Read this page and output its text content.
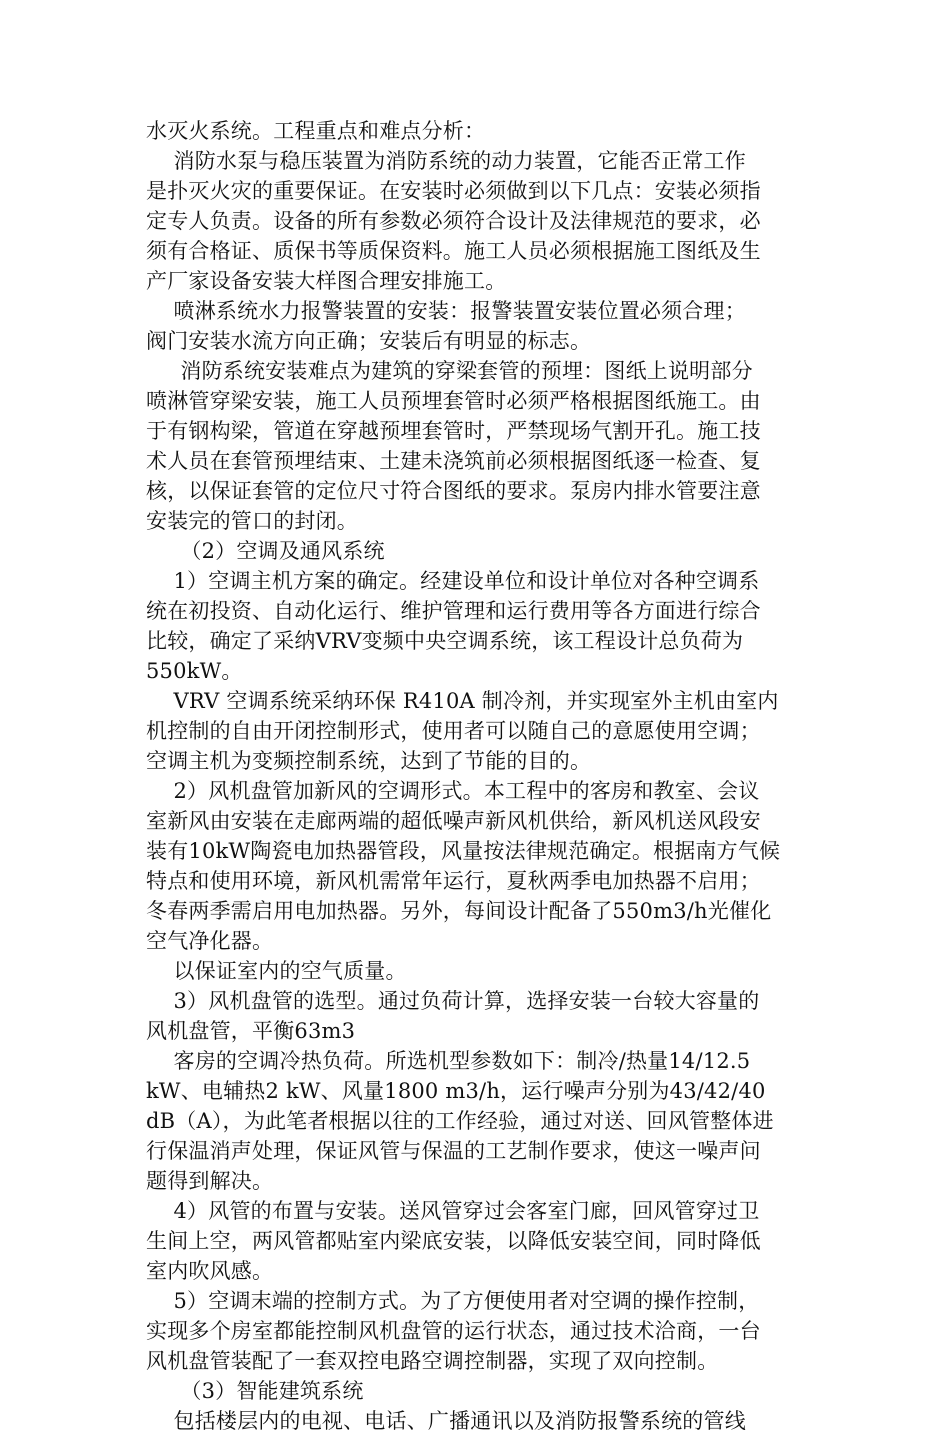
水灭火系统。工程重点和难点分析：
消防水泵与稳压装置为消防系统的动力装置，它能否正常工作
是扑灭火灾的重要保证。在安装时必须做到以下几点：安装必须指
定专人负责。设备的所有参数必须符合设计及法律规范的要求，必
须有合格证、质保书等质保资料。施工人员必须根据施工图纸及生
产厂家设备安装大样图合理安排施工。
喷淋系统水力报警装置的安装：报警装置安装位置必须合理；
阀门安装水流方向正确；安装后有明显的标志。
消防系统安装难点为建筑的穿梁套管的预埋：图纸上说明部分
喷淋管穿梁安装，施工人员预埋套管时必须严格根据图纸施工。由
于有钢构梁，管道在穿越预埋套管时，严禁现场气割开孔。施工技
术人员在套管预埋结束、土建未浇筑前必须根据图纸逐一检查、复
核，以保证套管的定位尺寸符合图纸的要求。泵房内排水管要注意
安装完的管口的封闭。
（2）空调及通风系统
1）空调主机方案的确定。经建设单位和设计单位对各种空调系
统在初投资、自动化运行、维护管理和运行费用等各方面进行综合
比较，确定了采纳VRV变频中央空调系统，该工程设计总负荷为
550kW。
VRV 空调系统采纳环保 R410A 制冷剂，并实现室外主机由室内
机控制的自由开闭控制形式，使用者可以随自己的意愿使用空调；
空调主机为变频控制系统，达到了节能的目的。
2）风机盘管加新风的空调形式。本工程中的客房和教室、会议
室新风由安装在走廊两端的超低噪声新风机供给，新风机送风段安
装有10kW陶瓷电加热器管段，风量按法律规范确定。根据南方气候
特点和使用环境，新风机需常年运行，夏秋两季电加热器不启用；
冬春两季需启用电加热器。另外，每间设计配备了550m3/h光催化
空气净化器。
以保证室内的空气质量。
3）风机盘管的选型。通过负荷计算，选择安装一台较大容量的
风机盘管，平衡63m3
客房的空调冷热负荷。所选机型参数如下：制冷/热量14/12.5
kW、电辅热2 kW、风量1800 m3/h，运行噪声分别为43/42/40
dB（A），为此笔者根据以往的工作经验，通过对送、回风管整体进
行保温消声处理，保证风管与保温的工艺制作要求，使这一噪声问
题得到解决。
4）风管的布置与安装。送风管穿过会客室门廊，回风管穿过卫
生间上空，两风管都贴室内梁底安装，以降低安装空间，同时降低
室内吹风感。
5）空调末端的控制方式。为了方便使用者对空调的操作控制，
实现多个房室都能控制风机盘管的运行状态，通过技术洽商，一台
风机盘管装配了一套双控电路空调控制器，实现了双向控制。
（3）智能建筑系统
包括楼层内的电视、电话、广播通讯以及消防报警系统的管线
